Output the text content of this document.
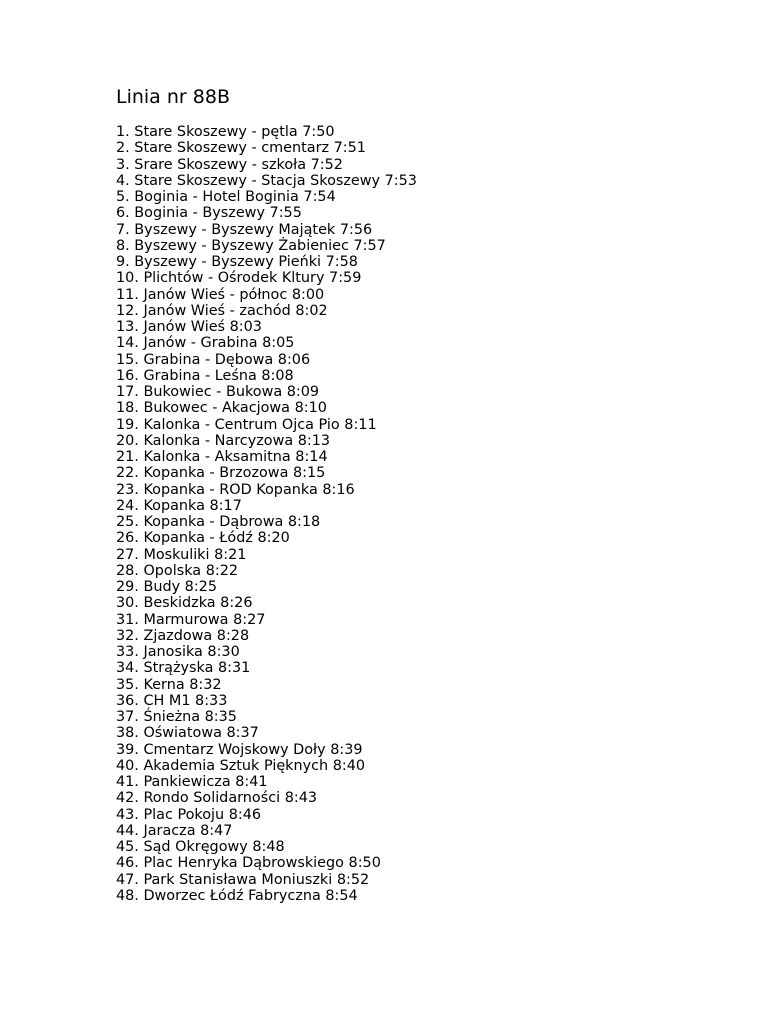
Linia nr 88B
1. Stare Skoszewy - pętla 7:50
2. Stare Skoszewy - cmentarz 7:51
3. Srare Skoszewy - szkoła 7:52
4. Stare Skoszewy - Stacja Skoszewy 7:53
5. Boginia - Hotel Boginia 7:54
6. Boginia - Byszewy 7:55
7. Byszewy - Byszewy Majątek 7:56
8. Byszewy - Byszewy Żabieniec 7:57
9. Byszewy - Byszewy Pieńki 7:58
10. Plichtów - Ośrodek Kltury 7:59
11. Janów Wieś - północ 8:00
12. Janów Wieś - zachód 8:02
13. Janów Wieś 8:03
14. Janów - Grabina 8:05
15. Grabina - Dębowa 8:06
16. Grabina - Leśna 8:08
17. Bukowiec - Bukowa 8:09
18. Bukowec - Akacjowa 8:10
19. Kalonka - Centrum Ojca Pio 8:11
20. Kalonka - Narcyzowa 8:13
21. Kalonka - Aksamitna 8:14
22. Kopanka - Brzozowa 8:15
23. Kopanka - ROD Kopanka 8:16
24. Kopanka 8:17
25. Kopanka - Dąbrowa 8:18
26. Kopanka - Łódź 8:20
27. Moskuliki 8:21
28. Opolska 8:22
29. Budy 8:25
30. Beskidzka 8:26
31. Marmurowa 8:27
32. Zjazdowa 8:28
33. Janosika 8:30
34. Strążyska 8:31
35. Kerna 8:32
36. CH M1 8:33
37. Śnieżna 8:35
38. Oświatowa 8:37
39. Cmentarz Wojskowy Doły 8:39
40. Akademia Sztuk Pięknych 8:40
41. Pankiewicza 8:41
42. Rondo Solidarności 8:43
43. Plac Pokoju 8:46
44. Jaracza 8:47
45. Sąd Okręgowy 8:48
46. Plac Henryka Dąbrowskiego 8:50
47. Park Stanisława Moniuszki 8:52
48. Dworzec Łódź Fabryczna 8:54
